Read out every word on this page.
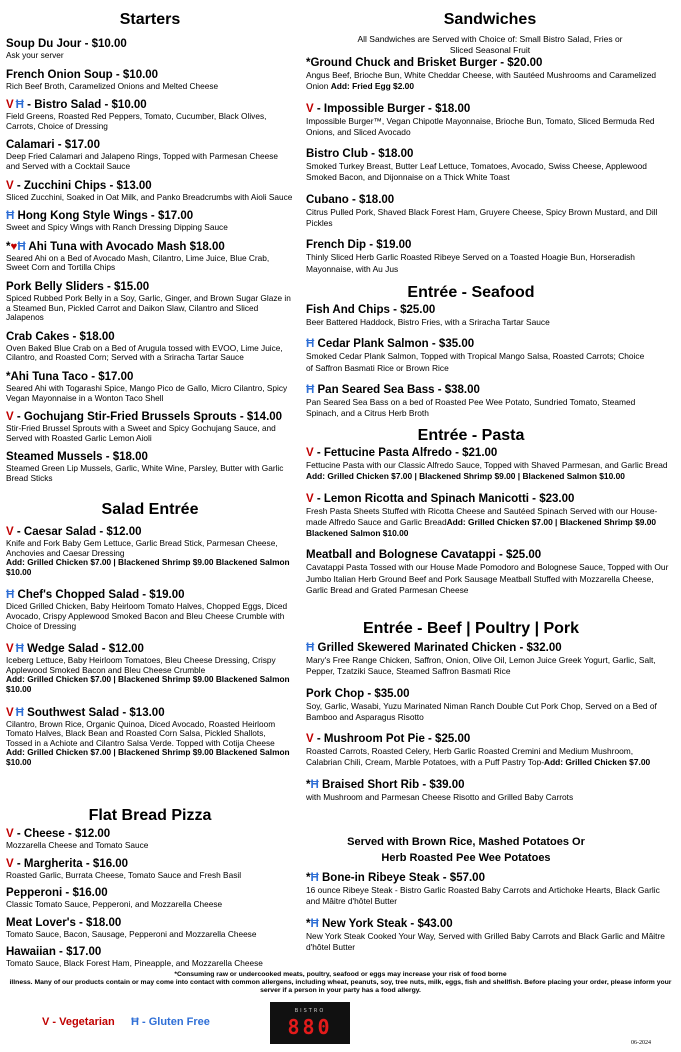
Starters
Soup Du Jour - $10.00
Ask your server
French Onion Soup - $10.00
Rich Beef Broth, Caramelized Onions and Melted Cheese
V Ħ - Bistro Salad - $10.00
Field Greens, Roasted Red Peppers, Tomato, Cucumber, Black Olives, Carrots, Choice of Dressing
Calamari - $17.00
Deep Fried Calamari and Jalapeno Rings, Topped with Parmesan Cheese and Served with a Cocktail Sauce
V - Zucchini Chips - $13.00
Sliced Zucchini, Soaked in Oat Milk, and Panko Breadcrumbs with Aioli Sauce
Ħ Hong Kong Style Wings - $17.00
Sweet and Spicy Wings with Ranch Dressing Dipping Sauce
*♥Ħ Ahi Tuna with Avocado Mash $18.00
Seared Ahi on a Bed of Avocado Mash, Cilantro, Lime Juice, Blue Crab, Sweet Corn and Tortilla Chips
Pork Belly Sliders - $15.00
Spiced Rubbed Pork Belly in a Soy, Garlic, Ginger, and Brown Sugar Glaze in a Steamed Bun, Pickled Carrot and Daikon Slaw, Cilantro and Sliced Jalapenos
Crab Cakes - $18.00
Oven Baked Blue Crab on a Bed of Arugula tossed with EVOO, Lime Juice, Cilantro, and Roasted Corn; Served with a Sriracha Tartar Sauce
*Ahi Tuna Taco - $17.00
Seared Ahi with Togarashi Spice, Mango Pico de Gallo, Micro Cilantro, Spicy Vegan Mayonnaise in a Wonton Taco Shell
V - Gochujang Stir-Fried Brussels Sprouts - $14.00
Stir-Fried Brussel Sprouts with a Sweet and Spicy Gochujang Sauce, and Served with Roasted Garlic Lemon Aioli
Steamed Mussels - $18.00
Steamed Green Lip Mussels, Garlic, White Wine, Parsley, Butter with Garlic Bread Sticks
Salad Entrée
V - Caesar Salad - $12.00
Knife and Fork Baby Gem Lettuce, Garlic Bread Stick, Parmesan Cheese, Anchovies and Caesar Dressing
Add: Grilled Chicken $7.00 | Blackened Shrimp $9.00 Blackened Salmon $10.00
Ħ Chef's Chopped Salad - $19.00
Diced Grilled Chicken, Baby Heirloom Tomato Halves, Chopped Eggs, Diced Avocado, Crispy Applewood Smoked Bacon and Bleu Cheese Crumble with Choice of Dressing
V Ħ Wedge Salad - $12.00
Iceberg Lettuce, Baby Heirloom Tomatoes, Bleu Cheese Dressing, Crispy Applewood Smoked Bacon and Bleu Cheese Crumble
Add: Grilled Chicken $7.00 | Blackened Shrimp $9.00 Blackened Salmon $10.00
V Ħ Southwest Salad - $13.00
Cilantro, Brown Rice, Organic Quinoa, Diced Avocado, Roasted Heirloom Tomato Halves, Black Bean and Roasted Corn Salsa, Pickled Shallots, Tossed in a Achiote and Cilantro Salsa Verde. Topped with Cotija Cheese
Add: Grilled Chicken $7.00 | Blackened Shrimp $9.00 Blackened Salmon $10.00
Flat Bread Pizza
V - Cheese - $12.00
Mozzarella Cheese and Tomato Sauce
V - Margherita - $16.00
Roasted Garlic, Burrata Cheese, Tomato Sauce and Fresh Basil
Pepperoni - $16.00
Classic Tomato Sauce, Pepperoni, and Mozzarella Cheese
Meat Lover's - $18.00
Tomato Sauce, Bacon, Sausage, Pepperoni and Mozzarella Cheese
Hawaiian - $17.00
Tomato Sauce, Black Forest Ham, Pineapple, and Mozzarella Cheese
Sandwiches
All Sandwiches are Served with Choice of: Small Bistro Salad, Fries or Sliced Seasonal Fruit
*Ground Chuck and Brisket Burger - $20.00
Angus Beef, Brioche Bun, White Cheddar Cheese, with Sautéed Mushrooms and Caramelized Onion Add: Fried Egg $2.00
V - Impossible Burger - $18.00
Impossible Burger™, Vegan Chipotle Mayonnaise, Brioche Bun, Tomato, Sliced Bermuda Red Onions, and Sliced Avocado
Bistro Club - $18.00
Smoked Turkey Breast, Butter Leaf Lettuce, Tomatoes, Avocado, Swiss Cheese, Applewood Smoked Bacon, and Dijonnaise on a Thick White Toast
Cubano - $18.00
Citrus Pulled Pork, Shaved Black Forest Ham, Gruyere Cheese, Spicy Brown Mustard, and Dill Pickles
French Dip - $19.00
Thinly Sliced Herb Garlic Roasted Ribeye Served on a Toasted Hoagie Bun, Horseradish Mayonnaise, with Au Jus
Entrée - Seafood
Fish And Chips - $25.00
Beer Battered Haddock, Bistro Fries, with a Sriracha Tartar Sauce
Ħ Cedar Plank Salmon - $35.00
Smoked Cedar Plank Salmon, Topped with Tropical Mango Salsa, Roasted Carrots; Choice of Saffron Basmati Rice or Brown Rice
Ħ Pan Seared Sea Bass - $38.00
Pan Seared Sea Bass on a bed of Roasted Pee Wee Potato, Sundried Tomato, Steamed Spinach, and a Citrus Herb Broth
Entrée - Pasta
V - Fettucine Pasta Alfredo - $21.00
Fettucine Pasta with our Classic Alfredo Sauce, Topped with Shaved Parmesan, and Garlic Bread Add: Grilled Chicken $7.00 | Blackened Shrimp $9.00 | Blackened Salmon $10.00
V - Lemon Ricotta and Spinach Manicotti - $23.00
Fresh Pasta Sheets Stuffed with Ricotta Cheese and Sautéed Spinach Served with our House-made Alfredo Sauce and Garlic BreadAdd: Grilled Chicken $7.00 | Blackened Shrimp $9.00 Blackened Salmon $10.00
Meatball and Bolognese Cavatappi - $25.00
Cavatappi Pasta Tossed with our House Made Pomodoro and Bolognese Sauce, Topped with Our Jumbo Italian Herb Ground Beef and Pork Sausage Meatball Stuffed with Mozzarella Cheese, Garlic Bread and Grated Parmesan Cheese
Entrée - Beef | Poultry | Pork
Ħ Grilled Skewered Marinated Chicken - $32.00
Mary's Free Range Chicken, Saffron, Onion, Olive Oil, Lemon Juice Greek Yogurt, Garlic, Salt, Pepper, Tzatziki Sauce, Steamed Saffron Basmati Rice
Pork Chop - $35.00
Soy, Garlic, Wasabi, Yuzu Marinated Niman Ranch Double Cut Pork Chop, Served on a Bed of Bamboo and Asparagus Risotto
V - Mushroom Pot Pie - $25.00
Roasted Carrots, Roasted Celery, Herb Garlic Roasted Cremini and Medium Mushroom, Calabrian Chili, Cream, Marble Potatoes, with a Puff Pastry Top-Add: Grilled Chicken $7.00
*Ħ Braised Short Rib - $39.00
with Mushroom and Parmesan Cheese Risotto and Grilled Baby Carrots
Served with Brown Rice, Mashed Potatoes Or Herb Roasted Pee Wee Potatoes
*Ħ Bone-in Ribeye Steak - $57.00
16 ounce Ribeye Steak - Bistro Garlic Roasted Baby Carrots and Artichoke Hearts, Black Garlic and Mâitre d'hôtel Butter
*Ħ New York Steak - $43.00
New York Steak Cooked Your Way, Served with Grilled Baby Carrots and Black Garlic and Mâitre d'hôtel Butter
*Consuming raw or undercooked meats, poultry, seafood or eggs may increase your risk of food borne
illness. Many of our products contain or may come into contact with common allergens, including wheat, peanuts, soy, tree nuts, milk, eggs, fish and shellfish. Before placing your order, please inform your server if a person in your party has a food allergy.
V - Vegetarian Ħ - Gluten Free
BISTRO
880
06-2024
